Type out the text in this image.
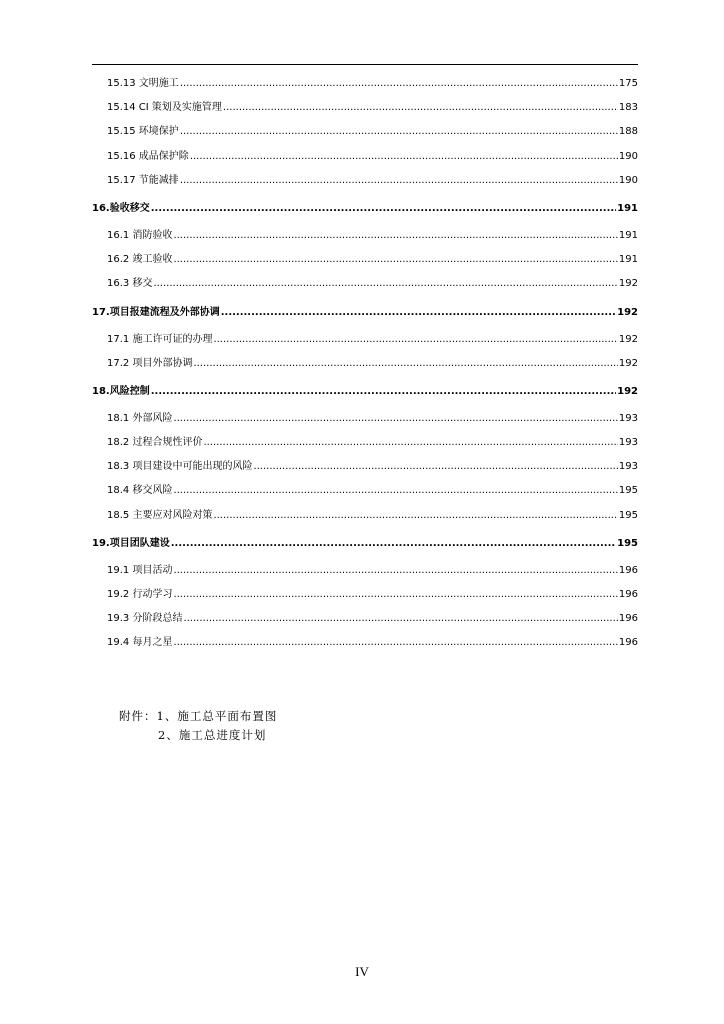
15.13 文明施工 .....	175
15.14 CI 策划及实施管理 .....	183
15.15 环境保护 .....	188
15.16 成品保护除 .....	190
15.17 节能减排 .....	190
16.验收移交 .....	191
16.1 消防验收 .....	191
16.2 竣工验收 .....	191
16.3 移交 .....	192
17.项目报建流程及外部协调 .....	192
17.1 施工许可证的办理 .....	192
17.2 项目外部协调 .....	192
18.风险控制 .....	192
18.1 外部风险 .....	193
18.2 过程合规性评价 .....	193
18.3 项目建设中可能出现的风险 .....	193
18.4 移交风险 .....	195
18.5 主要应对风险对策 .....	195
19.项目团队建设 .....	195
19.1 项目活动 .....	196
19.2 行动学习 .....	196
19.3 分阶段总结 .....	196
19.4 每月之星 .....	196
附件：1、施工总平面布置图
2、施工总进度计划
IV
